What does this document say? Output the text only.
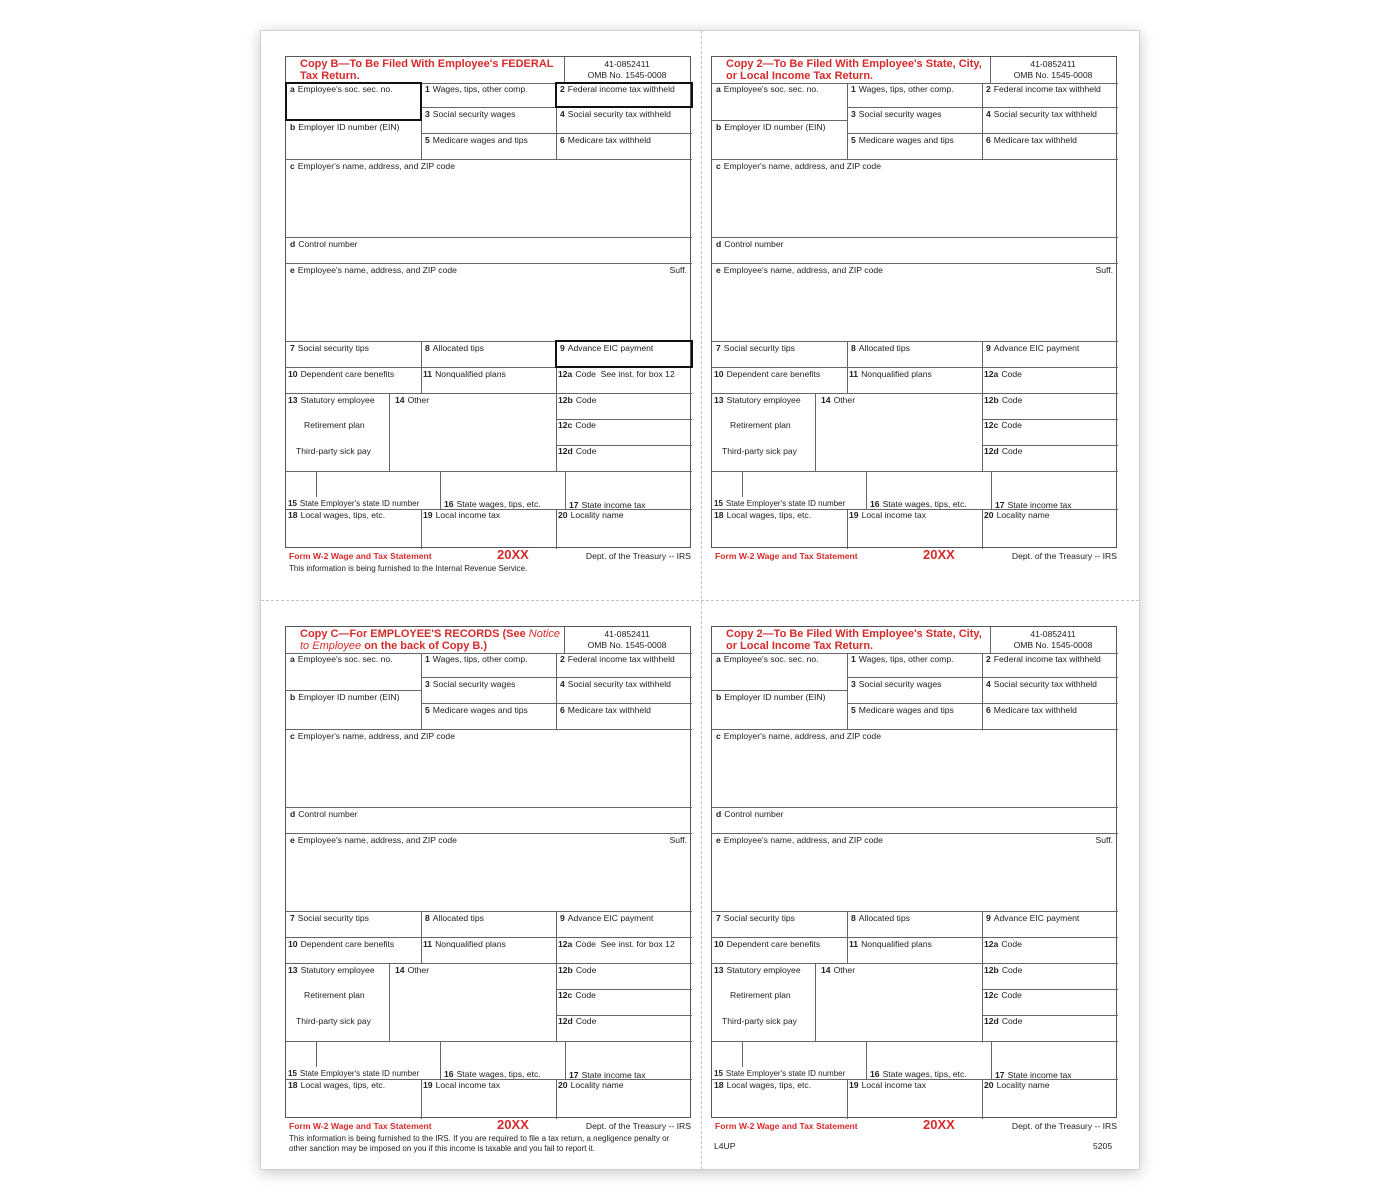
Copy B—To Be Filed With Employee's FEDERAL Tax Return.
41-0852411
OMB No. 1545-0008
a Employee's soc. sec. no.
b Employer ID number (EIN)
1 Wages, tips, other comp.	2 Federal income tax withheld
3 Social security wages	4 Social security tax withheld
5 Medicare wages and tips	6 Medicare tax withheld
c Employer's name, address, and ZIP code
d Control number
e Employee's name, address, and ZIP code	Suff.
7 Social security tips	8 Allocated tips	9 Advance EIC payment
10 Dependent care benefits	11 Nonqualified plans	12a Code See inst. for box 12
13 Statutory employee
Retirement plan
Third-party sick pay
14 Other	12b Code
12c Code
12d Code
15 State Employer's state ID number	16 State wages, tips, etc.	17 State income tax
18 Local wages, tips, etc.	19 Local income tax	20 Locality name
Form W-2 Wage and Tax Statement	20XX	Dept. of the Treasury -- IRS
This information is being furnished to the Internal Revenue Service.
Copy 2—To Be Filed With Employee's State, City, or Local Income Tax Return.
41-0852411
OMB No. 1545-0008
a Employee's soc. sec. no.
b Employer ID number (EIN)
1 Wages, tips, other comp.	2 Federal income tax withheld
3 Social security wages	4 Social security tax withheld
5 Medicare wages and tips	6 Medicare tax withheld
c Employer's name, address, and ZIP code
d Control number
e Employee's name, address, and ZIP code	Suff.
7 Social security tips	8 Allocated tips	9 Advance EIC payment
10 Dependent care benefits	11 Nonqualified plans	12a Code
13 Statutory employee
Retirement plan
Third-party sick pay
14 Other	12b Code
12c Code
12d Code
15 State Employer's state ID number	16 State wages, tips, etc.	17 State income tax
18 Local wages, tips, etc.	19 Local income tax	20 Locality name
Form W-2 Wage and Tax Statement	20XX	Dept. of the Treasury -- IRS
Copy C—For EMPLOYEE'S RECORDS (See Notice to Employee on the back of Copy B.)
41-0852411
OMB No. 1545-0008
a Employee's soc. sec. no.
b Employer ID number (EIN)
1 Wages, tips, other comp.	2 Federal income tax withheld
3 Social security wages	4 Social security tax withheld
5 Medicare wages and tips	6 Medicare tax withheld
c Employer's name, address, and ZIP code
d Control number
e Employee's name, address, and ZIP code	Suff.
7 Social security tips	8 Allocated tips	9 Advance EIC payment
10 Dependent care benefits	11 Nonqualified plans	12a Code See inst. for box 12
13 Statutory employee
Retirement plan
Third-party sick pay
14 Other	12b Code
12c Code
12d Code
15 State Employer's state ID number	16 State wages, tips, etc.	17 State income tax
18 Local wages, tips, etc.	19 Local income tax	20 Locality name
Form W-2 Wage and Tax Statement	20XX	Dept. of the Treasury -- IRS
This information is being furnished to the IRS. If you are required to file a tax return, a negligence penalty or other sanction may be imposed on you if this income is taxable and you fail to report it.
Copy 2—To Be Filed With Employee's State, City, or Local Income Tax Return.
41-0852411
OMB No. 1545-0008
a Employee's soc. sec. no.
b Employer ID number (EIN)
1 Wages, tips, other comp.	2 Federal income tax withheld
3 Social security wages	4 Social security tax withheld
5 Medicare wages and tips	6 Medicare tax withheld
c Employer's name, address, and ZIP code
d Control number
e Employee's name, address, and ZIP code	Suff.
7 Social security tips	8 Allocated tips	9 Advance EIC payment
10 Dependent care benefits	11 Nonqualified plans	12a Code
13 Statutory employee
Retirement plan
Third-party sick pay
14 Other	12b Code
12c Code
12d Code
15 State Employer's state ID number	16 State wages, tips, etc.	17 State income tax
18 Local wages, tips, etc.	19 Local income tax	20 Locality name
Form W-2 Wage and Tax Statement	20XX	Dept. of the Treasury -- IRS
L4UP	5205
